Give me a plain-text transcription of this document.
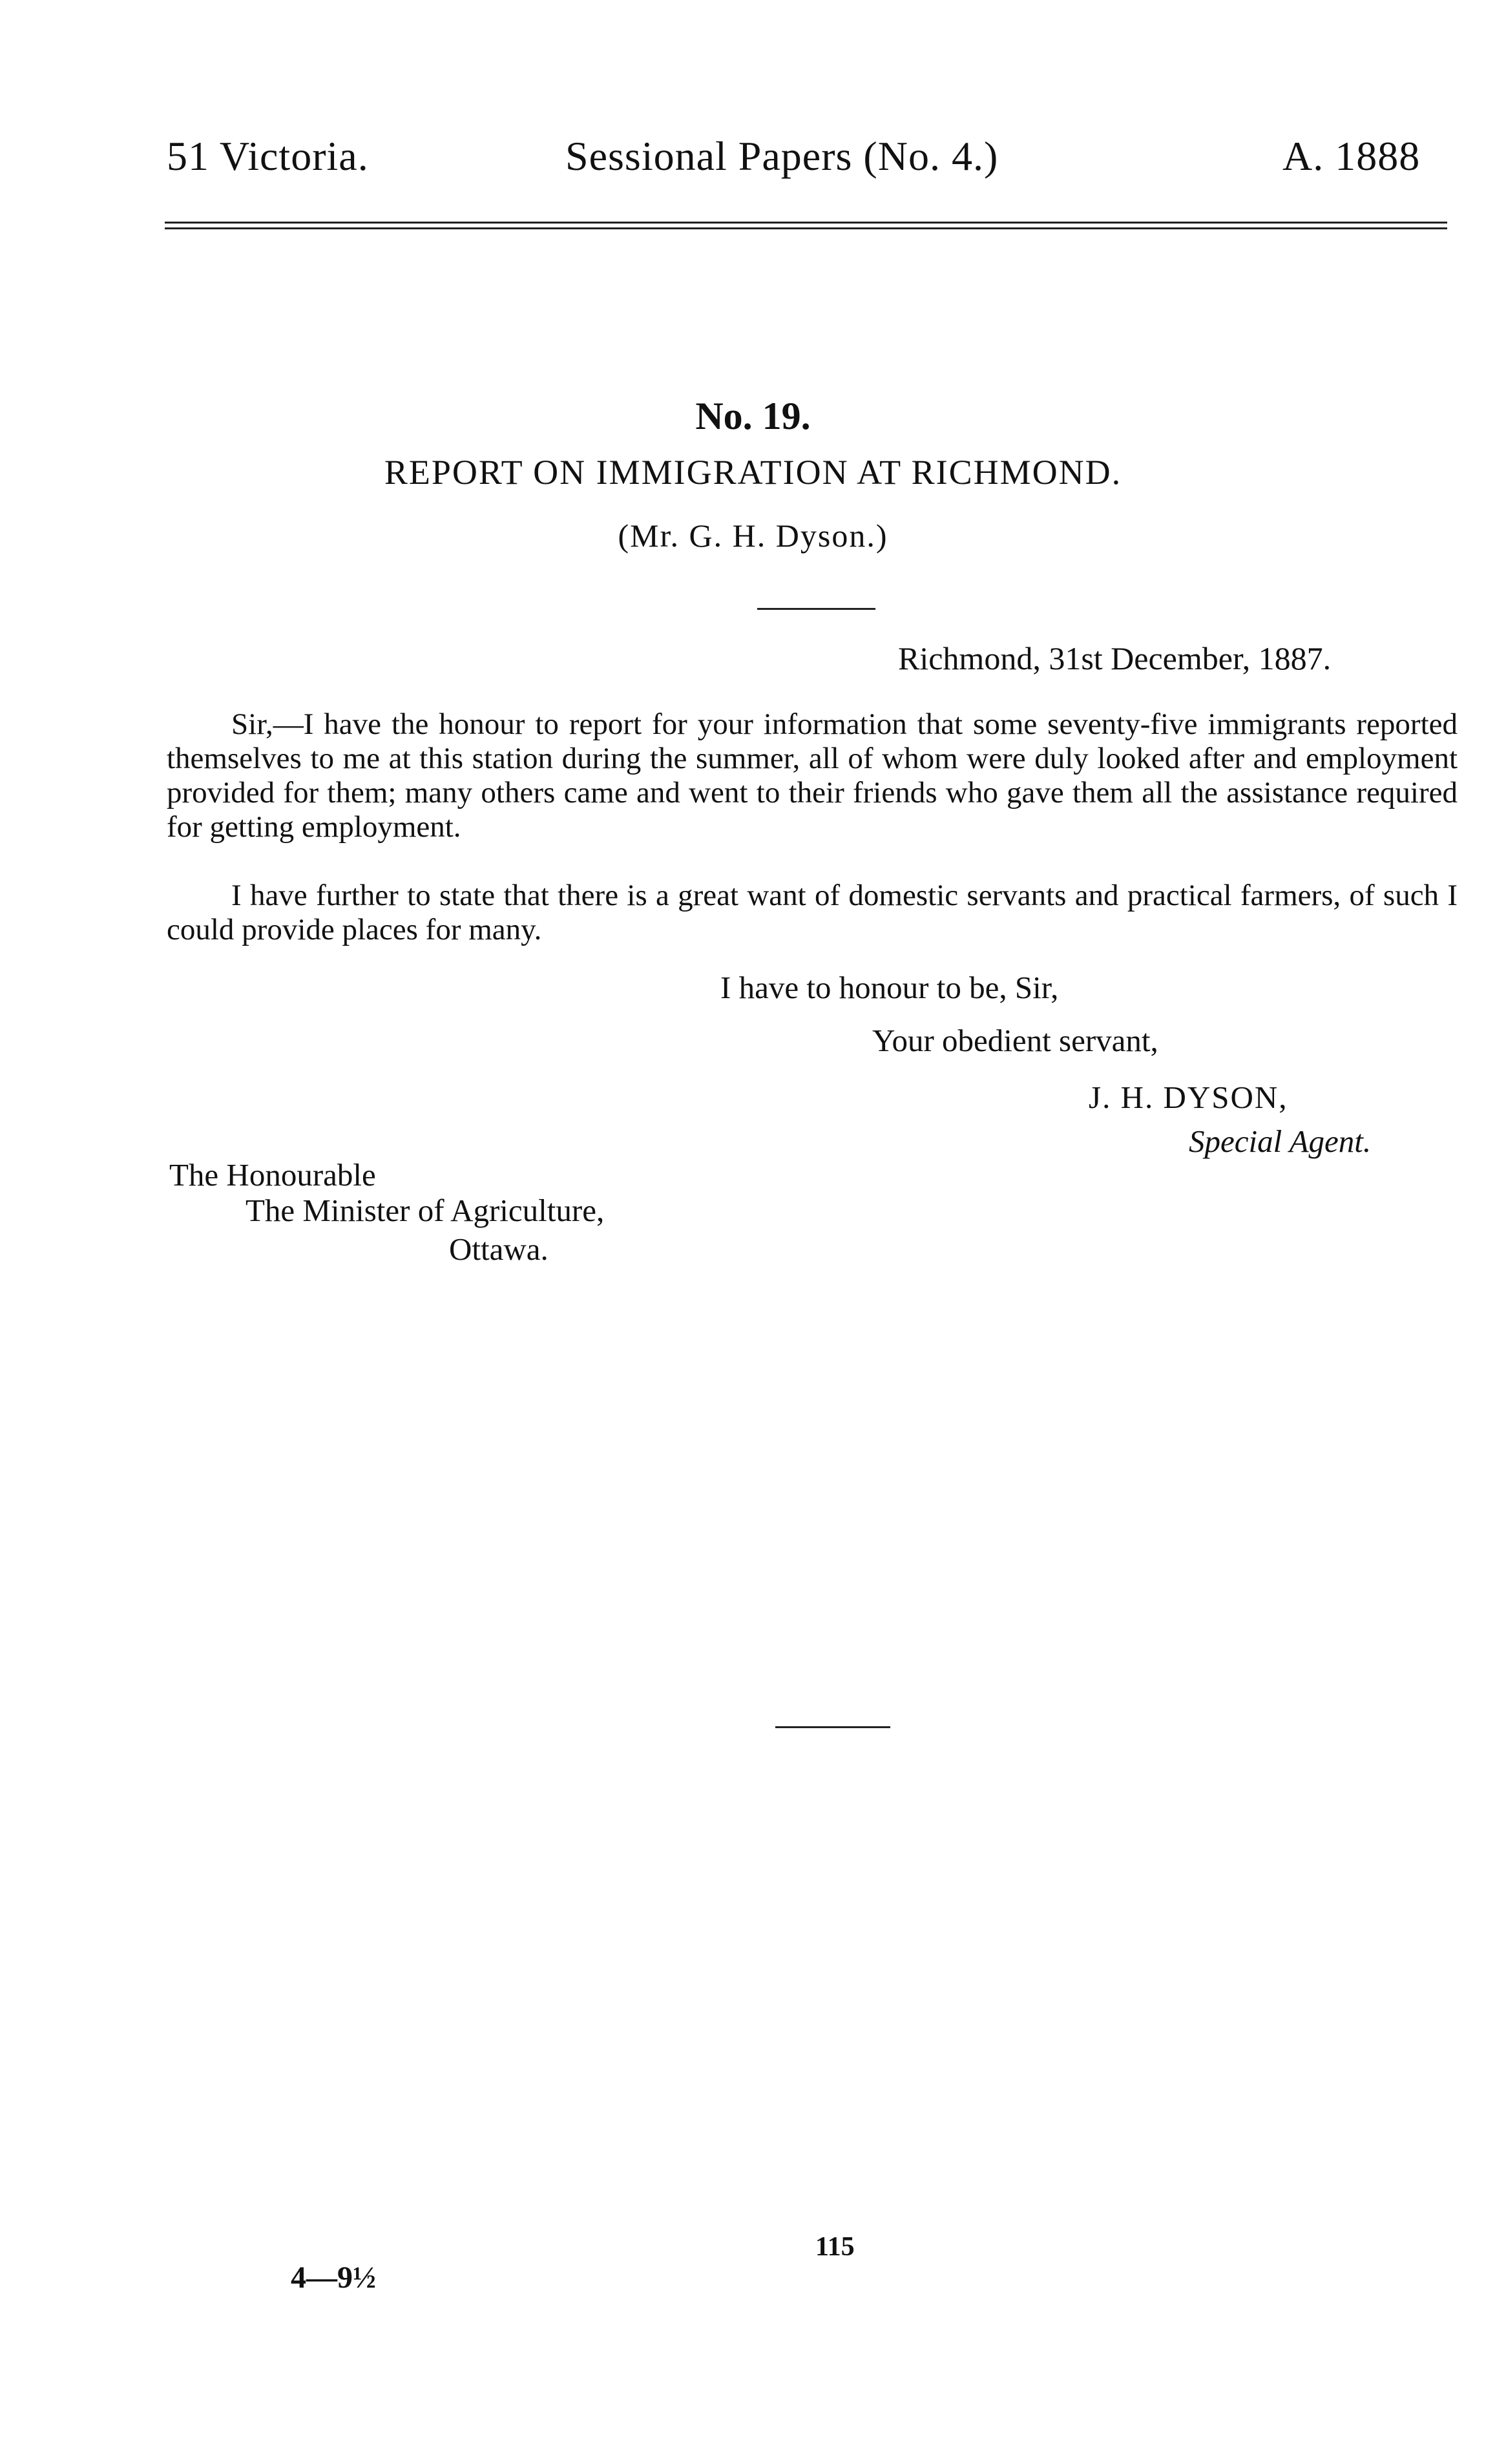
51 Victoria.	Sessional Papers (No. 4.)	A. 1888
No. 19.
REPORT ON IMMIGRATION AT RICHMOND.
(Mr. G. H. Dyson.)
Richmond, 31st December, 1887.
Sir,—I have the honour to report for your information that some seventy-five immigrants reported themselves to me at this station during the summer, all of whom were duly looked after and employment provided for them; many others came and went to their friends who gave them all the assistance required for getting employment.
I have further to state that there is a great want of domestic servants and practical farmers, of such I could provide places for many.
I have to honour to be, Sir,
Your obedient servant,
J. H. DYSON,
Special Agent.
The Honourable
The Minister of Agriculture,
Ottawa.
115
4—9½
